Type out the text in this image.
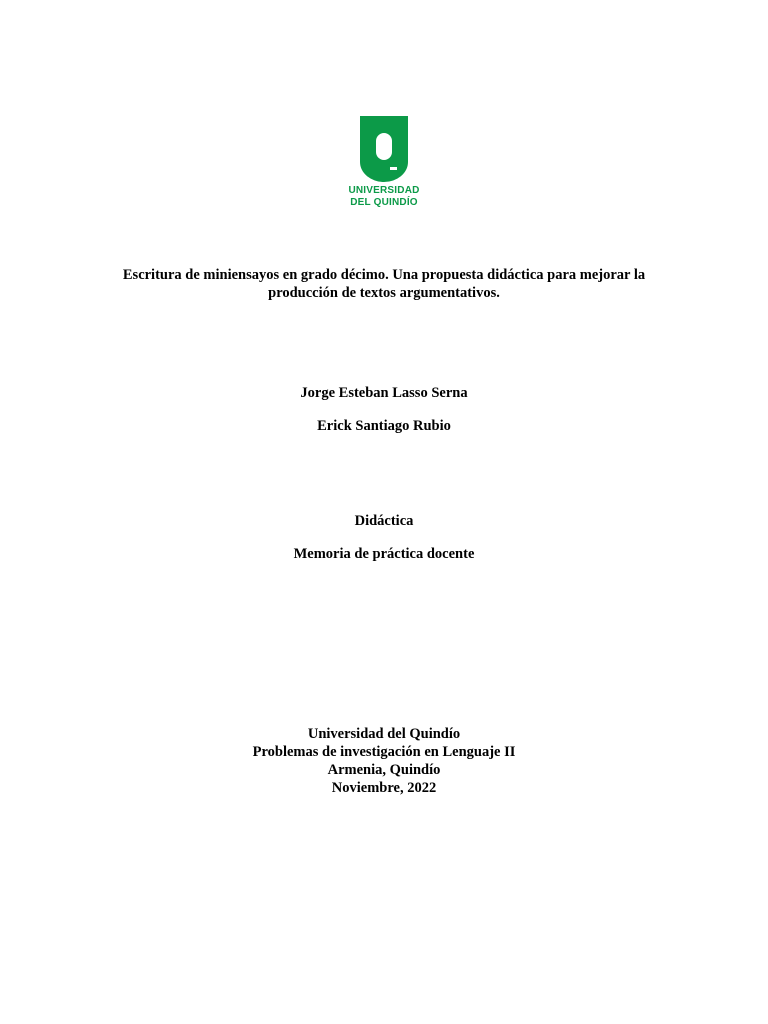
UNIVERSIDAD
DEL QUINDÍO
Escritura de miniensayos en grado décimo. Una propuesta didáctica para mejorar la
producción de textos argumentativos.
Jorge Esteban Lasso Serna
Erick Santiago Rubio
Didáctica
Memoria de práctica docente
Universidad del Quindío
Problemas de investigación en Lenguaje II
Armenia, Quindío
Noviembre, 2022
